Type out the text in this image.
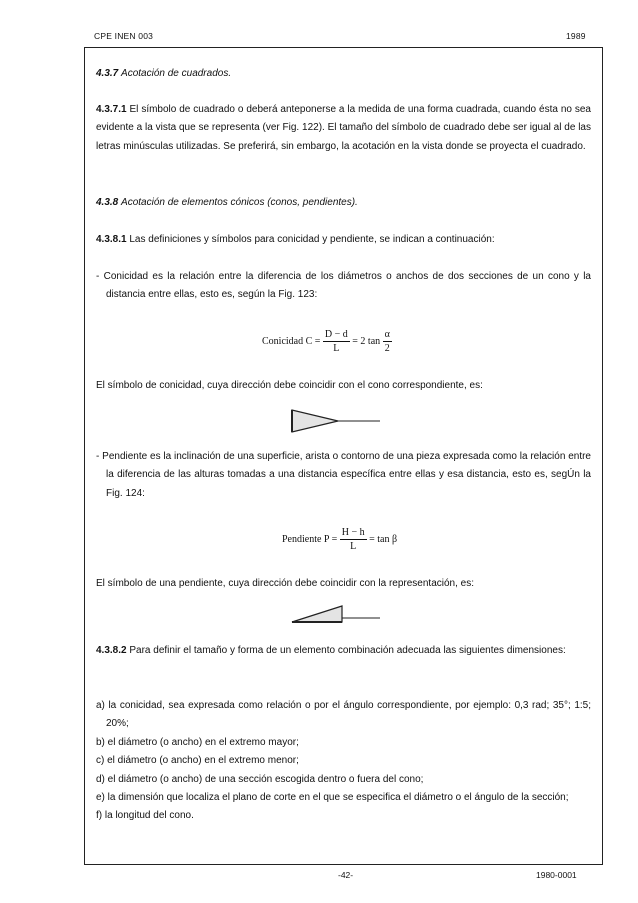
CPE INEN 003	1989

4.3.7 Acotación de cuadrados.

4.3.7.1 El símbolo de cuadrado o deberá anteponerse a la medida de una forma cuadrada, cuando ésta no sea evidente a la vista que se representa (ver Fig. 122). El tamaño del símbolo de cuadrado debe ser igual al de las letras minúsculas utilizadas. Se preferirá, sin embargo, la acotación en la vista donde se proyecta el cuadrado.

4.3.8 Acotación de elementos cónicos (conos, pendientes).

4.3.8.1 Las definiciones y símbolos para conicidad y pendiente, se indican a continuación:

- Conicidad es la relación entre la diferencia de los diámetros o anchos de dos secciones de un cono y la distancia entre ellas, esto es, según la Fig. 123:

Conicidad $C = \frac{D - d}{L} = 2$ $\tan \frac{\alpha}{2}$

El símbolo de conicidad, cuya dirección debe coincidir con el cono correspondiente, es:

- Pendiente es la inclinación de una superficie, arista o contorno de una pieza expresada como la relación entre la diferencia de las alturas tomadas a una distancia específica entre ellas y esa distancia, esto es, segÚn la Fig. 124:

Pendiente $P = \frac{H - h}{L} = \tan \beta$

El símbolo de una pendiente, cuya dirección debe coincidir con la representación, es:

4.3.8.2 Para definir el tamaño y forma de un elemento combinación adecuada las siguientes dimensiones:

a) la conicidad, sea expresada como relación o por el ángulo correspondiente, por ejemplo: 0,3 rad; 35°; 1:5; 20%;

b) el diámetro (o ancho) en el extremo mayor;

c) el diámetro (o ancho) en el extremo menor;

d) el diámetro (o ancho) de una sección escogida dentro o fuera del cono;

e) la dimensión que localiza el plano de corte en el que se especifica el diámetro o el ángulo de la sección;

f) la longitud del cono.

-42-	1980-0001
